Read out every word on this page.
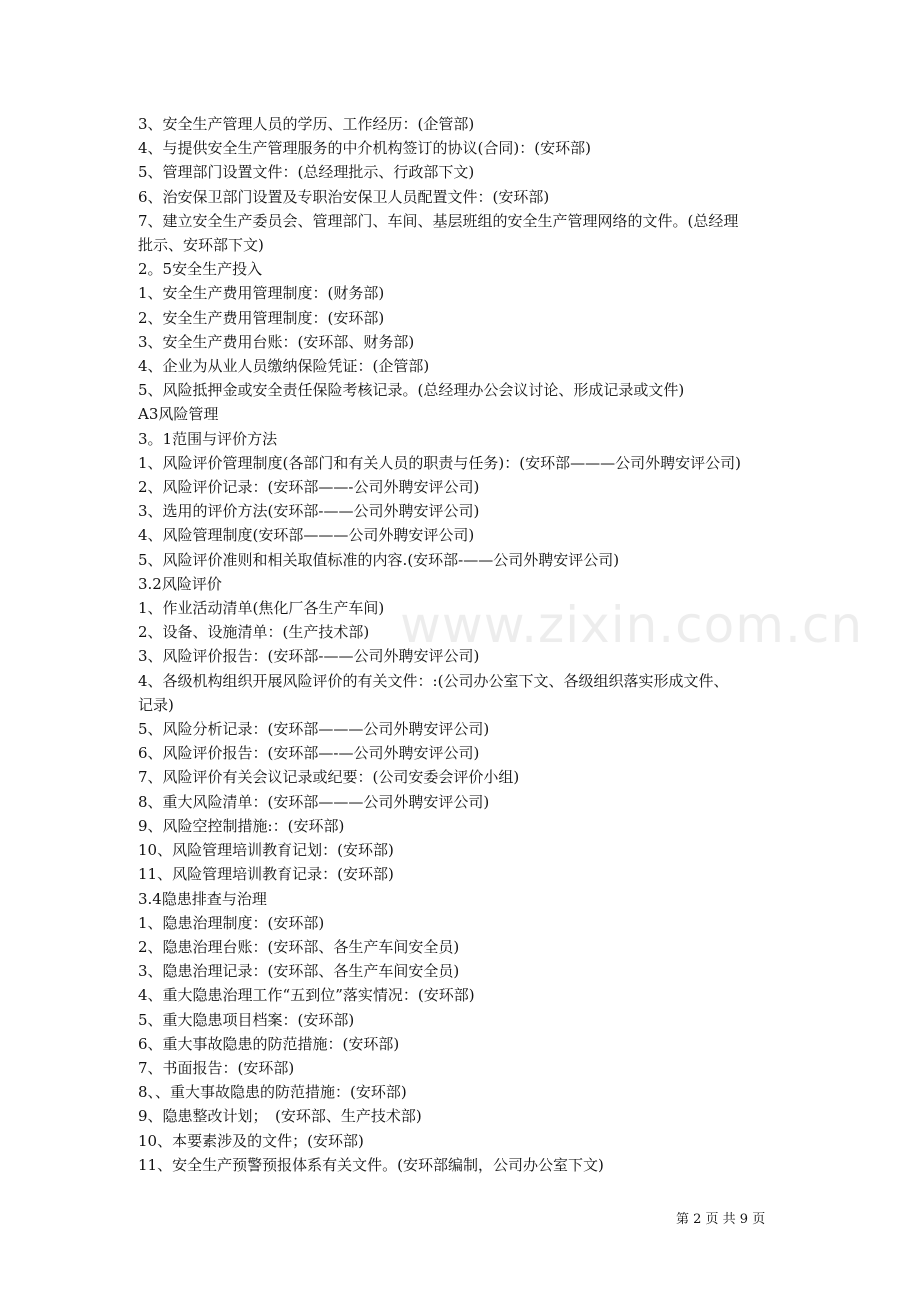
3、安全生产管理人员的学历、工作经历：(企管部)
4、与提供安全生产管理服务的中介机构签订的协议(合同)：(安环部)
5、管理部门设置文件：(总经理批示、行政部下文)
6、治安保卫部门设置及专职治安保卫人员配置文件：(安环部)
7、建立安全生产委员会、管理部门、车间、基层班组的安全生产管理网络的文件。(总经理
批示、安环部下文)
2。5安全生产投入
1、安全生产费用管理制度：(财务部)
2、安全生产费用管理制度：(安环部)
3、安全生产费用台账：(安环部、财务部)
4、企业为从业人员缴纳保险凭证：(企管部)
5、风险抵押金或安全责任保险考核记录。(总经理办公会议讨论、形成记录或文件)
A3风险管理
3。1范围与评价方法
1、风险评价管理制度(各部门和有关人员的职责与任务)：(安环部———公司外聘安评公司)
2、风险评价记录：(安环部——-公司外聘安评公司)
3、选用的评价方法(安环部-——公司外聘安评公司)
4、风险管理制度(安环部———公司外聘安评公司)
5、风险评价准则和相关取值标准的内容.(安环部-——公司外聘安评公司)
3.2风险评价
1、作业活动清单(焦化厂各生产车间)
2、设备、设施清单：(生产技术部)
3、风险评价报告：(安环部-——公司外聘安评公司)
4、各级机构组织开展风险评价的有关文件：:(公司办公室下文、各级组织落实形成文件、
记录)
5、风险分析记录：(安环部———公司外聘安评公司)
6、风险评价报告：(安环部—-—公司外聘安评公司)
7、风险评价有关会议记录或纪要：(公司安委会评价小组)
8、重大风险清单：(安环部———公司外聘安评公司)
9、风险空控制措施:：(安环部)
10、风险管理培训教育记划：(安环部)
11、风险管理培训教育记录：(安环部)
3.4隐患排查与治理
1、隐患治理制度：(安环部)
2、隐患治理台账：(安环部、各生产车间安全员)
3、隐患治理记录：(安环部、各生产车间安全员)
4、重大隐患治理工作“五到位”落实情况：(安环部)
5、重大隐患项目档案：(安环部)
6、重大事故隐患的防范措施：(安环部)
7、书面报告：(安环部)
8、、重大事故隐患的防范措施：(安环部)
9、隐患整改计划；　(安环部、生产技术部)
10、本要素涉及的文件；(安环部)
11、安全生产预警预报体系有关文件。(安环部编制，公司办公室下文)
www.zixin.com.cn
第 2 页 共 9 页
